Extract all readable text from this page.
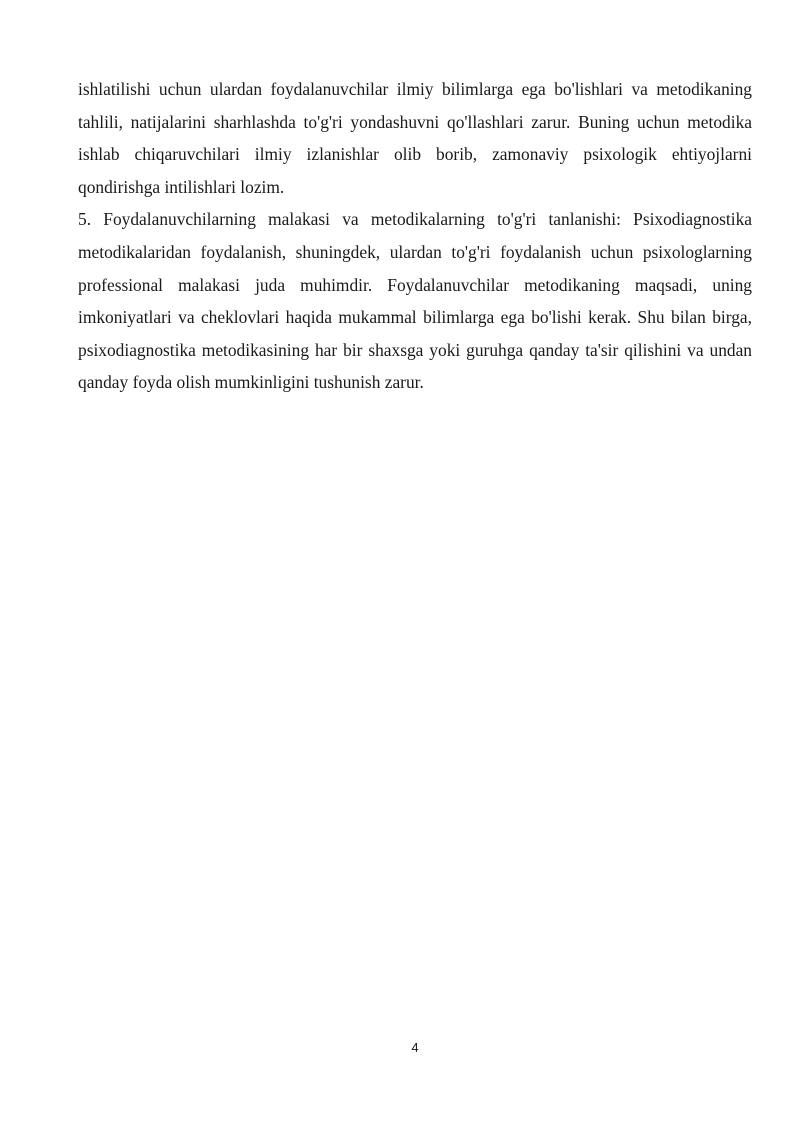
ishlatilishi uchun ulardan foydalanuvchilar ilmiy bilimlarga ega bo'lishlari va metodikaning tahlili, natijalarini sharhlashda to'g'ri yondashuvni qo'llashlari zarur. Buning uchun metodika ishlab chiqaruvchilari ilmiy izlanishlar olib borib, zamonaviy psixologik ehtiyojlarni qondirishga intilishlari lozim.

5. Foydalanuvchilarning malakasi va metodikalarning to'g'ri tanlanishi: Psixodiagnostika metodikalaridan foydalanish, shuningdek, ulardan to'g'ri foydalanish uchun psixologlarning professional malakasi juda muhimdir. Foydalanuvchilar metodikaning maqsadi, uning imkoniyatlari va cheklovlari haqida mukammal bilimlarga ega bo'lishi kerak. Shu bilan birga, psixodiagnostika metodikasining har bir shaxsga yoki guruhga qanday ta'sir qilishini va undan qanday foyda olish mumkinligini tushunish zarur.

4
